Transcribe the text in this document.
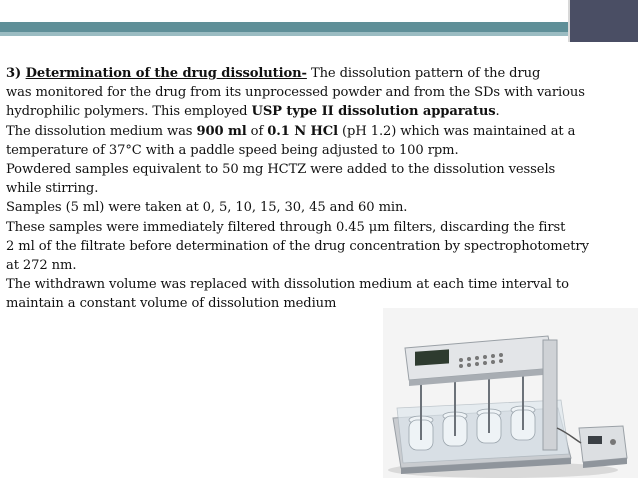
3) Determination of the drug dissolution- The dissolution pattern of the drug
was monitored for the drug from its unprocessed powder and from the SDs with various
hydrophilic polymers. This employed USP type II dissolution apparatus.
The dissolution medium was 900 ml of 0.1 N HCl (pH 1.2) which was maintained at a
temperature of 37°C with a paddle speed being adjusted to 100 rpm.
Powdered samples equivalent to 50 mg HCTZ were added to the dissolution vessels
while stirring.
Samples (5 ml) were taken at 0, 5, 10, 15, 30, 45 and 60 min.
These samples were immediately filtered through 0.45 μm filters, discarding the first
2 ml of the filtrate before determination of the drug concentration by spectrophotometry
at 272 nm.
The withdrawn volume was replaced with dissolution medium at each time interval to
maintain a constant volume of dissolution medium
